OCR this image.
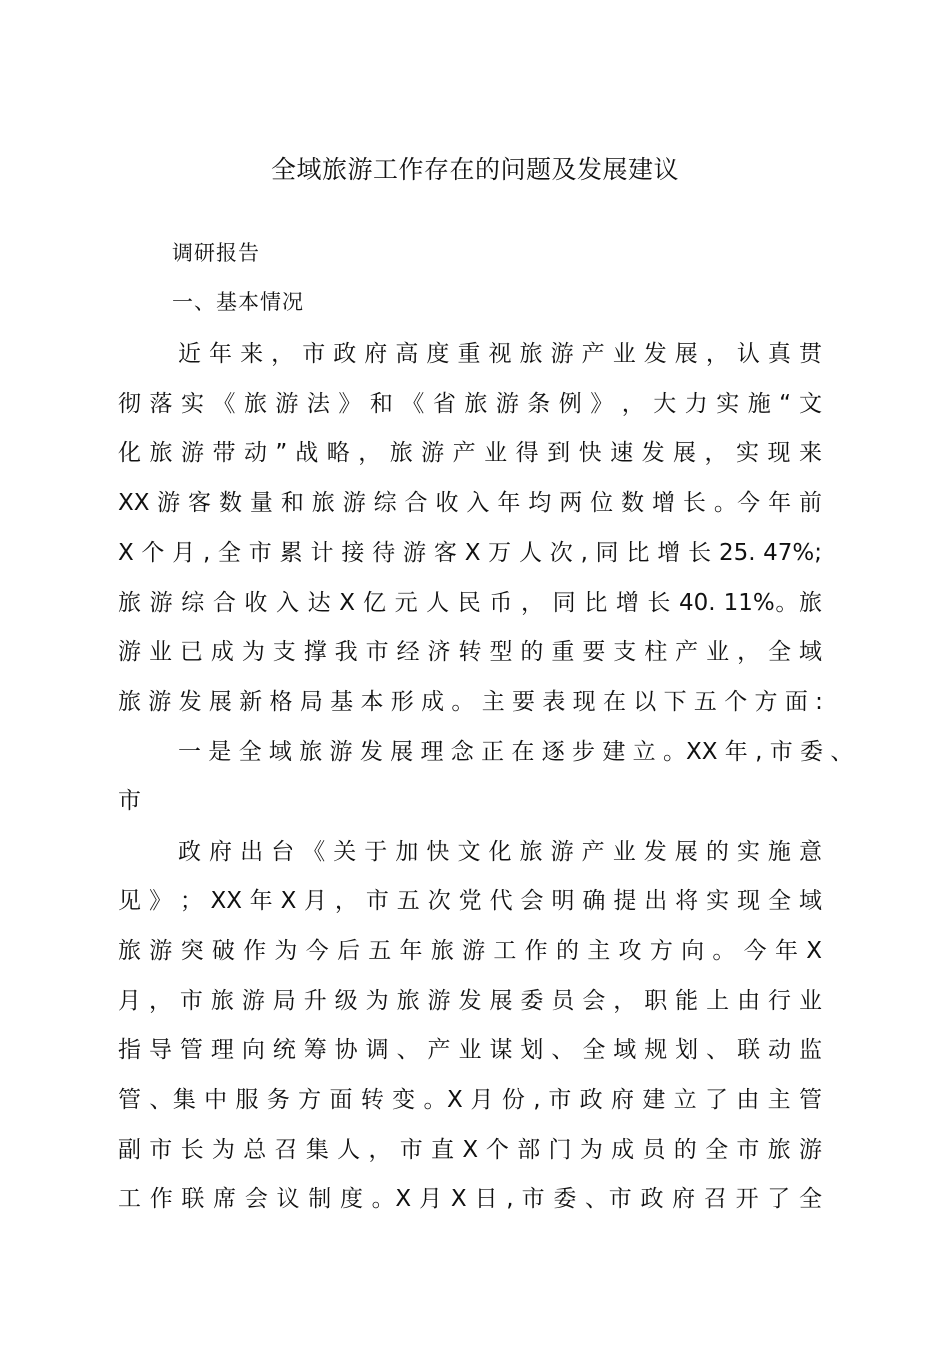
全域旅游工作存在的问题及发展建议
调研报告
一、基本情况
近 年 来 ， 市 政 府 高 度 重 视 旅 游 产 业 发 展 ， 认 真 贯
彻 落 实 《 旅 游 法 》 和 《 省 旅 游 条 例 》 ， 大 力 实 施 “ 文
化 旅 游 带 动 ” 战 略 ， 旅 游 产 业 得 到 快 速 发 展 ， 实 现 来
XX 游 客 数 量 和 旅 游 综 合 收 入 年 均 两 位 数 增 长 。今 年 前
X 个 月 , 全 市 累 计 接 待 游 客 X 万 人 次 , 同 比 增 长 25. 47%;
旅 游 综 合 收 入 达 X 亿 元 人 民 币 ， 同 比 增 长 40. 11%。旅
游 业 已 成 为 支 撑 我 市 经 济 转 型 的 重 要 支 柱 产 业 ， 全 域
旅 游 发 展 新 格 局 基 本 形 成 。 主 要 表 现 在 以 下 五 个 方 面 :
一 是 全 域 旅 游 发 展 理 念 正 在 逐 步 建 立 。XX 年 , 市 委 、
市
政 府 出 台 《 关 于 加 快 文 化 旅 游 产 业 发 展 的 实 施 意
见 》 ； XX 年 X 月 ， 市 五 次 党 代 会 明 确 提 出 将 实 现 全 域
旅 游 突 破 作 为 今 后 五 年 旅 游 工 作 的 主 攻 方 向 。 今 年 X
月 ， 市 旅 游 局 升 级 为 旅 游 发 展 委 员 会 ， 职 能 上 由 行 业
指 导 管 理 向 统 筹 协 调 、 产 业 谋 划 、 全 域 规 划 、 联 动 监
管 、集 中 服 务 方 面 转 变 。X 月 份 , 市 政 府 建 立 了 由 主 管
副 市 长 为 总 召 集 人 ， 市 直 X 个 部 门 为 成 员 的 全 市 旅 游
工 作 联 席 会 议 制 度 。X 月 X 日 , 市 委 、市 政 府 召 开 了 全
